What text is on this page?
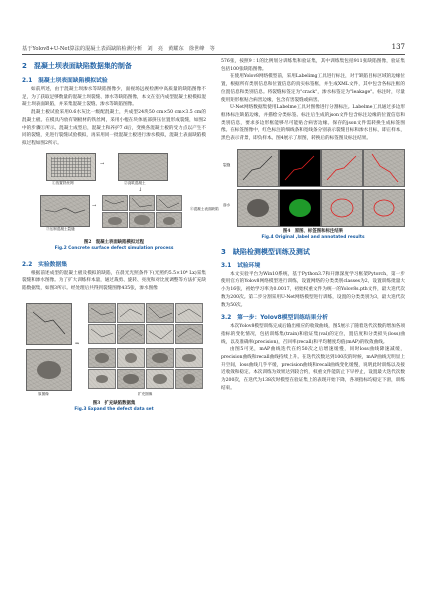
基于Yolov8+U-Net算法的混凝土表面缺陷检测分析　刘　亮　黄耀东　徐世峰　等	137
2　混凝土坝表面缺陷数据集的制备
2.1　混凝土坝表面缺陷模拟试验

如前所述，由于混凝土坝渗水等缺陷图像少，面视场远视检测中高质量的缺陷图像不足，为了获取足够数量的混凝土坝裂缝、渗水等缺陷图像，本文在室内成型混凝土板模拟混凝土坝表面缺陷，并采集混凝土裂缝、渗水等缺陷图像。

混凝土板试验采用0.6水灰比一级配混凝土，共成型24块50 cm×50 cm×3.5 cm的混凝土板。在模具内放有钢板材的铁丝网，采用小棍在块体底部挤压位置形成裂缝，如图2中的步骤①所示。混凝土成型后，混凝土和养护7 d后，变换各混凝土板的受力点以产生不同的裂缝，先进行裂缝试验模拟，再采用同一批混凝土板进行渗水模拟，混凝土表面缺陷模拟过程如图2所示。

①放置铁丝网
→
②浇筑混凝土
↓
④混凝土表面缺陷
→
③压制混凝土裂缝
图2　混凝土表面缺陷模拟过程
Fig.2 Concrete surface defect simulation process
2.2　实验数据集

根据前述成型的混凝土板及模拟的缺陷，在晨光光照条件下(光照约5.5×10⁴ Lx)采集裂缝和渗水图像。为了扩大训练样本量，通过裁剪、旋转、亮度和对比度调整等方法扩充缺陷数据集，如图3所示。经处理后共得到裂缝图像435张，渗水图像

原图像
⇒
扩充图像
图3　扩充缺陷数据集
Fig.3 Expand the defect data set

576张，按照9∶1的比例划分训练集和验证集，其中训练集包括911张缺陷图像，验证集包括100张缺陷图像。

在使用Yolov8网络模型前，采用Labelimg工具进行标注，对于缺陷目标区域的边缘位置，根据所有类别信息和位置信息的真实标签框，并生成XML文件，其中包含各标注框的位置信息和类别信息。将裂缝标签定为"crack"，渗水标签定为"leakage"。标注时，尽量使用矩形框贴合病害边缘，包含有害裂缝或病害。

U-Net网络数据集使用Labelme工具对图像进行分割标注。Labelme工具通过多边形框体标注缺陷边缘，并描绘分类标签。标注后生成的json文件包含标注边缘的位置信息和类别信息，要求多边形框能够尽可能贴合病害边缘。保存的json文件需转换生成标签图像。在标签图像中，红色标注的细线条和宽线条分别表示裂缝目标和渗水目标，即正样本，黑色表示背景，即负样本。图4展示了原图，转换后的标签图及标注结果。

裂缝
渗水
图4　原图、标签图和标注结果
Fig.4 Original ,label and annotated results
3　缺陷检测模型训练及测试
3.1　试验环境

本文实验平台为Win10系统，基于Python3.7和开源深度学习框架Pytorch，第一步使用官方的Yolov8网络模型进行训练，设置网络的分类类别classes为2，设置训练批量大小为16张，初始学习率为0.0017，初始权重文件为统一的Yolov8s.pth文件，最大迭代次数为200次。第二步分割采用U-Net网络模型进行训练，设置的分类类别为3，最大迭代次数为50次。

3.2　第一步：Yolov8模型训练结果分析

本次Yolov8模型训练完成后输出相应的收敛曲线，图5展示了随着迭代次数的增加各项指标的变化情况，包括训练集(train)和验证集(val)的定位，置信度和分类损失(loss)曲线，以及准确率(precision)，召回率(recall)和平均精度均值(mAP)的收敛曲线。

由图5可见，mAP曲线迭代在约50次之后增速缓慢，同时loss曲线降速减缓，precision曲线和recall曲线持续上升。在迭代次数达到100次的时候，mAP曲线无明显上升空间，loss曲线几乎平缓，precision曲线和recall曲线变化缓慢，说明此时训练以及接近收敛和稳定。本次训练为效果达到较合约，权重文件能防止下早停止，设置最大迭代次数为200次，在迭代为138次时模型在验证集上的表现开始下降，各项指标均稳定下滑，训练结束。
